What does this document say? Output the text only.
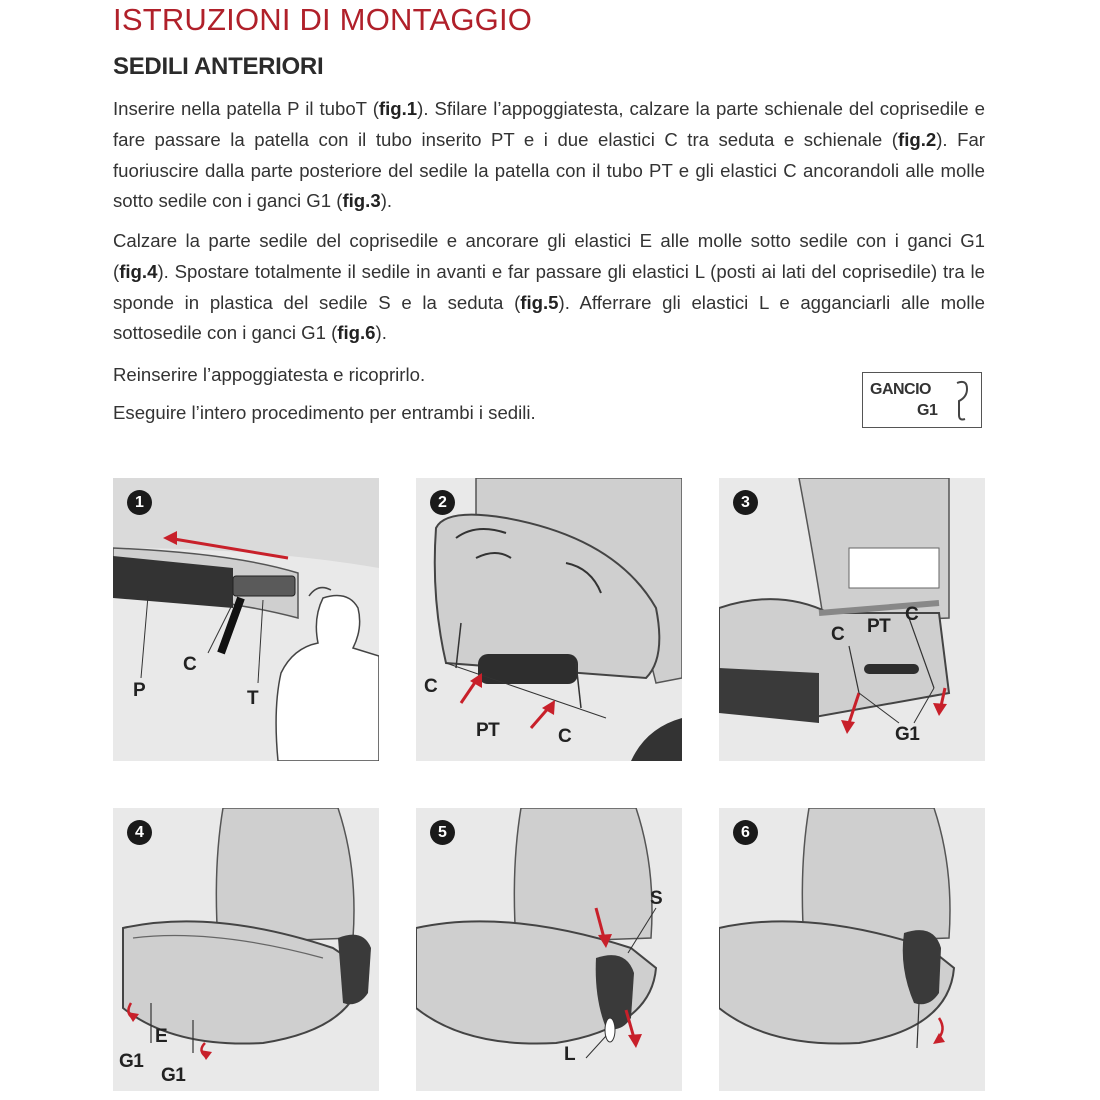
ISTRUZIONI DI MONTAGGIO
SEDILI ANTERIORI
Inserire nella patella P il tuboT (fig.1). Sfilare l’appoggiatesta, calzare la parte schienale del coprisedile e fare passare la patella con il tubo inserito PT e i due elastici C tra seduta e schienale (fig.2). Far fuoriuscire dalla parte posteriore del sedile la patella con il tubo PT e gli elastici C ancorandoli alle molle sotto sedile con i ganci G1 (fig.3).
Calzare la parte sedile del coprisedile e ancorare gli elastici E alle molle sotto sedile con i ganci G1 (fig.4). Spostare totalmente il sedile in avanti e far passare gli elastici L (posti ai lati del coprisedile) tra le sponde in plastica del sedile S e la seduta (fig.5). Afferrare gli elastici L e agganciarli alle molle sottosedile con i ganci G1 (fig.6).
Reinserire l’appoggiatesta e ricoprirlo.
Eseguire l’intero procedimento per entrambi i sedili.
GANCIO
G1
1
P
C
T
2
C
PT	C
3
C PT
C
G1
4
E
G1
G1
5
S
L
6
